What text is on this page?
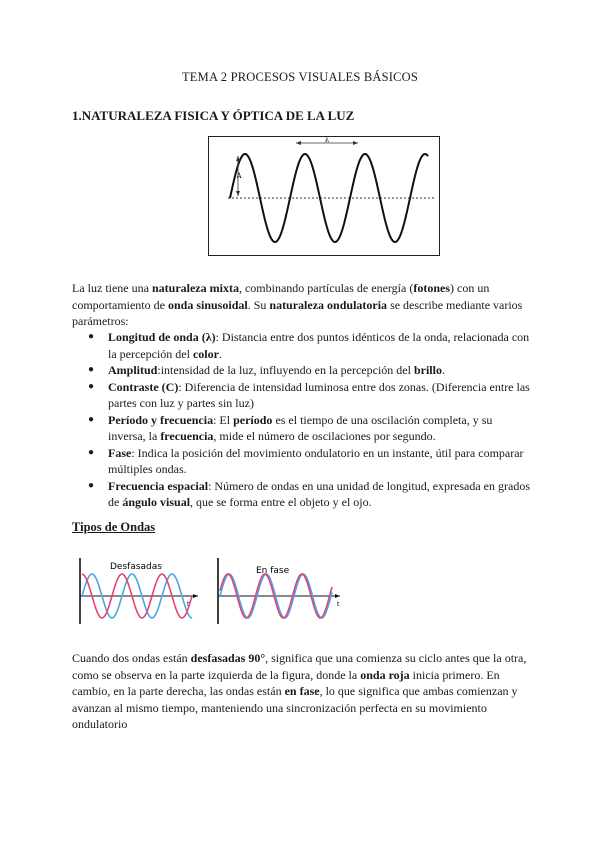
TEMA 2 PROCESOS VISUALES BÁSICOS
1.NATURALEZA FISICA Y ÓPTICA DE LA LUZ
λ
A

La luz tiene una naturaleza mixta, combinando partículas de energía (fotones) con un comportamiento de onda sinusoidal. Su naturaleza ondulatoria se describe mediante varios parámetros:

● Longitud de onda (λ): Distancia entre dos puntos idénticos de la onda, relacionada con la percepción del color.
● Amplitud:intensidad de la luz, influyendo en la percepción del brillo.
● Contraste (C): Diferencia de intensidad luminosa entre dos zonas. (Diferencia entre las partes con luz y partes sin luz)
● Período y frecuencia: El período es el tiempo de una oscilación completa, y su inversa, la frecuencia, mide el número de oscilaciones por segundo.
● Fase: Indica la posición del movimiento ondulatorio en un instante, útil para comparar múltiples ondas.
● Frecuencia espacial: Número de ondas en una unidad de longitud, expresada en grados de ángulo visual, que se forma entre el objeto y el ojo.
Tipos de Ondas
t
Desfasadas
t
En fase

Cuando dos ondas están desfasadas 90°, significa que una comienza su ciclo antes que la otra, como se observa en la parte izquierda de la figura, donde la onda roja inicia primero. En cambio, en la parte derecha, las ondas están en fase, lo que significa que ambas comienzan y avanzan al mismo tiempo, manteniendo una sincronización perfecta en su movimiento ondulatorio
